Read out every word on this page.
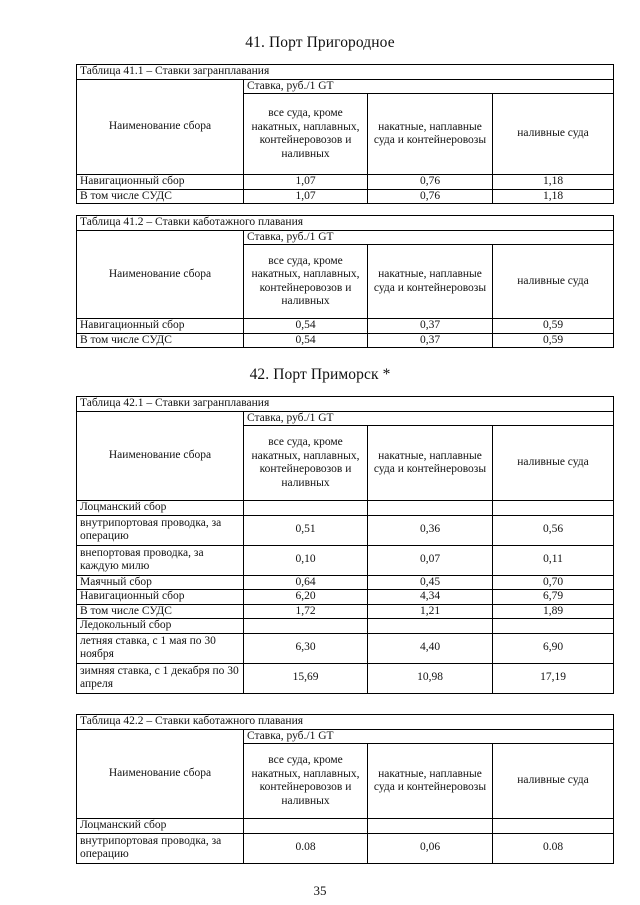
41. Порт Пригородное
Таблица 41.1 – Ставки загранплавания			
Наименование сбора	Ставка, руб./1 GT		
	все суда, кроме накатных, наплавных, контейнеровозов и наливных	накатные, наплавные суда и контейнеровозы	наливные суда
Навигационный сбор	1,07	0,76	1,18
В том числе СУДС	1,07	0,76	1,18
Таблица 41.2 – Ставки каботажного плавания			
Наименование сбора	Ставка, руб./1 GT		
	все суда, кроме накатных, наплавных, контейнеровозов и наливных	накатные, наплавные суда и контейнеровозы	наливные суда
Навигационный сбор	0,54	0,37	0,59
В том числе СУДС	0,54	0,37	0,59
42. Порт Приморск *
Таблица 42.1 – Ставки загранплавания			
Наименование сбора	Ставка, руб./1 GT		
	все суда, кроме накатных, наплавных, контейнеровозов и наливных	накатные, наплавные суда и контейнеровозы	наливные суда
Лоцманский сбор			
внутрипортовая проводка, за операцию	0,51	0,36	0,56
внепортовая проводка, за каждую милю	0,10	0,07	0,11
Маячный сбор	0,64	0,45	0,70
Навигационный сбор	6,20	4,34	6,79
В том числе СУДС	1,72	1,21	1,89
Ледокольный сбор			
летняя ставка, с 1 мая по 30 ноября	6,30	4,40	6,90
зимняя ставка, с 1 декабря по 30 апреля	15,69	10,98	17,19
Таблица 42.2 – Ставки каботажного плавания			
Наименование сбора	Ставка, руб./1 GT		
	все суда, кроме накатных, наплавных, контейнеровозов и наливных	накатные, наплавные суда и контейнеровозы	наливные суда
Лоцманский сбор			
внутрипортовая проводка, за операцию	0.08	0,06	0.08
35
